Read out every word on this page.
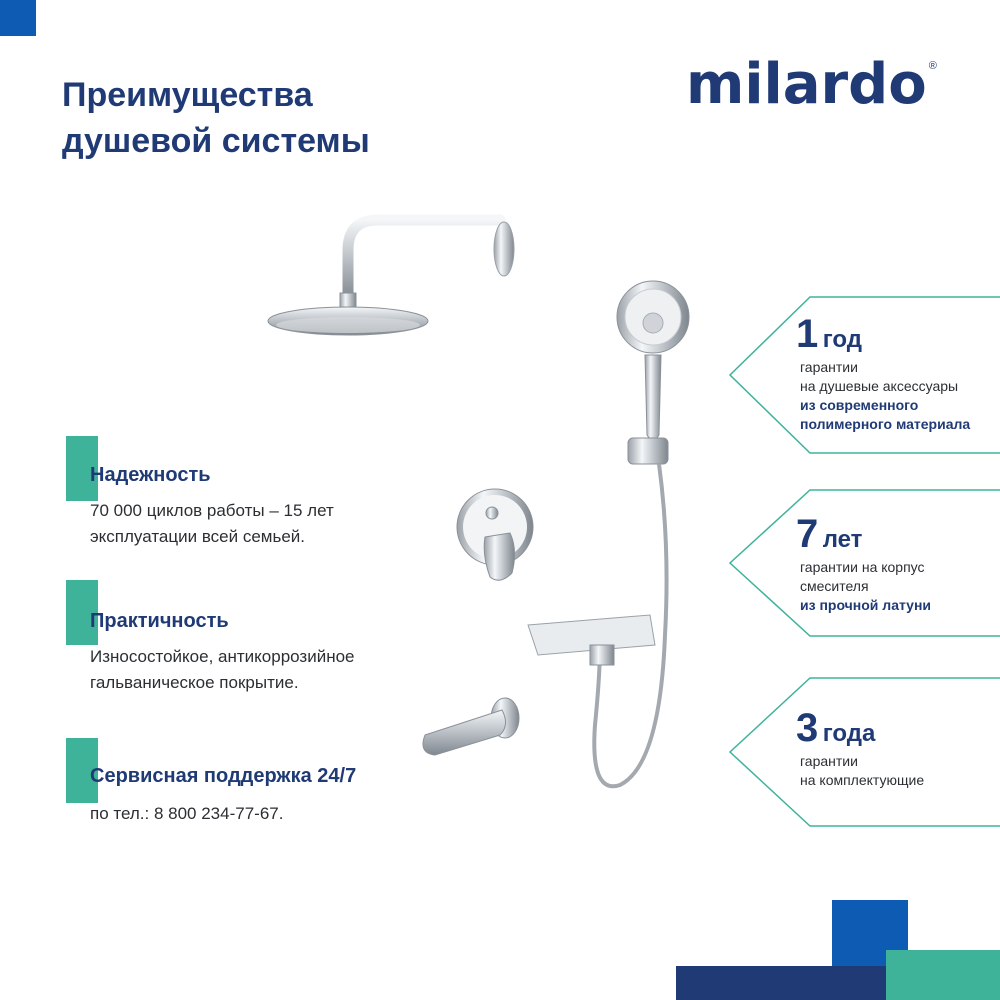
Преимущества
душевой системы
milardo ®
Надежность
70 000 циклов работы – 15 лет
эксплуатации всей семьей.
Практичность
Износостойкое, антикоррозийное
гальваническое покрытие.
Сервисная поддержка 24/7
по тел.: 8 800 234-77-67.
1 год
гарантии
на душевые аксессуары
из современного
полимерного материала
7 лет
гарантии на корпус
смесителя
из прочной латуни
3 года
гарантии
на комплектующие
